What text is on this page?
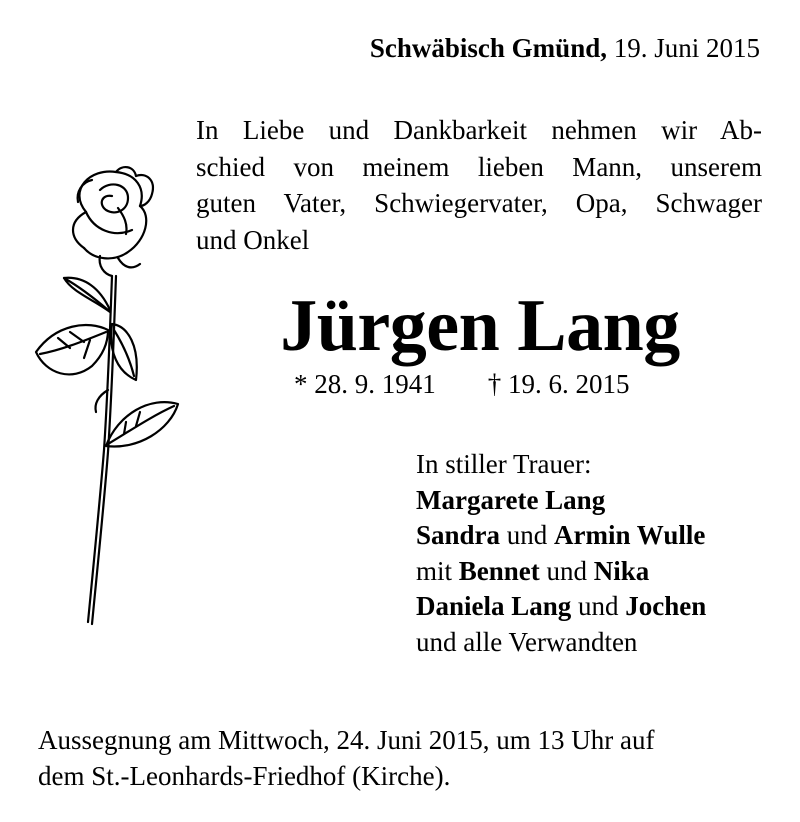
Schwäbisch Gmünd, 19. Juni 2015
In Liebe und Dankbarkeit nehmen wir Ab-
schied von meinem lieben Mann, unserem
guten Vater, Schwiegervater, Opa, Schwager
und Onkel
Jürgen Lang
* 28. 9. 1941 † 19. 6. 2015
In stiller Trauer:
Margarete Lang
Sandra und Armin Wulle
mit Bennet und Nika
Daniela Lang und Jochen
und alle Verwandten
Aussegnung am Mittwoch, 24. Juni 2015, um 13 Uhr auf
dem St.-Leonhards-Friedhof (Kirche).
